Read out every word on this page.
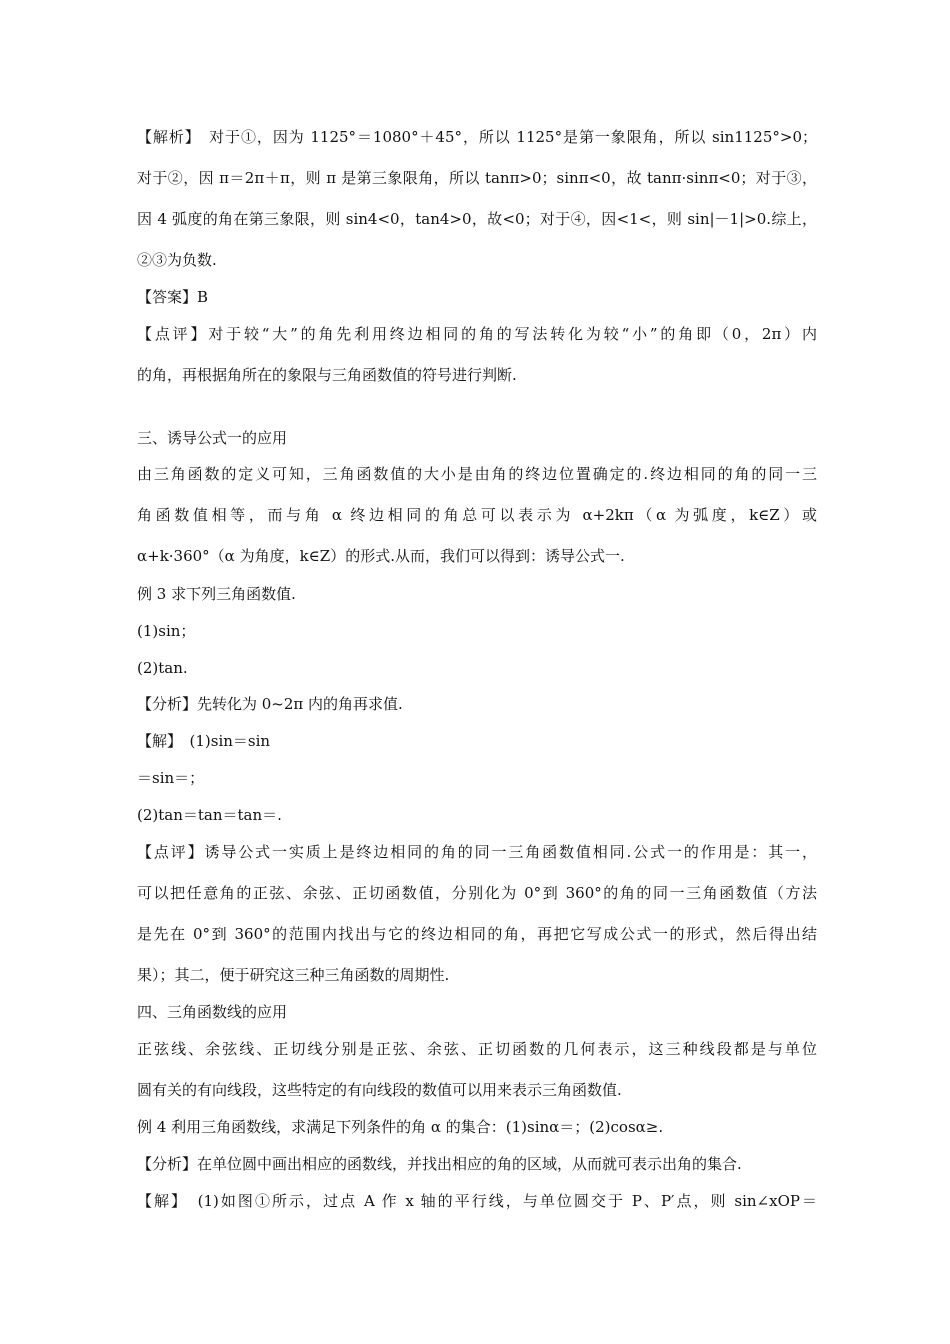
【解析】　对于①，因为 1125°＝1080°＋45°，所以 1125°是第一象限角，所以 sin1125°>0；
对于②，因 π＝2π＋π，则 π 是第三象限角，所以 tanπ>0；sinπ<0，故 tanπ·sinπ<0；对于③，
因 4 弧度的角在第三象限，则 sin4<0，tan4>0，故<0；对于④，因<1<，则 sin|－1|>0.综上，
②③为负数.
【答案】B
【点评】对于较“大”的角先利用终边相同的角的写法转化为较“小”的角即（0，2π）内
的角，再根据角所在的象限与三角函数值的符号进行判断.
三、诱导公式一的应用
由三角函数的定义可知，三角函数值的大小是由角的终边位置确定的.终边相同的角的同一三
角函数值相等，而与角 α 终边相同的角总可以表示为 α+2kπ（α 为弧度，k∈Z）或
α+k·360°（α 为角度，k∈Z）的形式.从而，我们可以得到：诱导公式一.
例 3 求下列三角函数值.
(1)sin；
(2)tan.
【分析】先转化为 0~2π 内的角再求值.
【解】　(1)sin＝sin
＝sin＝；
(2)tan＝tan＝tan＝.
【点评】诱导公式一实质上是终边相同的角的同一三角函数值相同.公式一的作用是：其一，
可以把任意角的正弦、余弦、正切函数值，分别化为 0°到 360°的角的同一三角函数值（方法
是先在 0°到 360°的范围内找出与它的终边相同的角，再把它写成公式一的形式，然后得出结
果）；其二，便于研究这三种三角函数的周期性.
四、三角函数线的应用
正弦线、余弦线、正切线分别是正弦、余弦、正切函数的几何表示，这三种线段都是与单位
圆有关的有向线段，这些特定的有向线段的数值可以用来表示三角函数值.
例 4 利用三角函数线，求满足下列条件的角 α 的集合：(1)sinα＝；(2)cosα≥.
【分析】在单位圆中画出相应的函数线，并找出相应的角的区域，从而就可表示出角的集合.
【解】　(1)如图①所示，过点 A 作 x 轴的平行线，与单位圆交于 P、P′点，则 sin∠xOP＝
